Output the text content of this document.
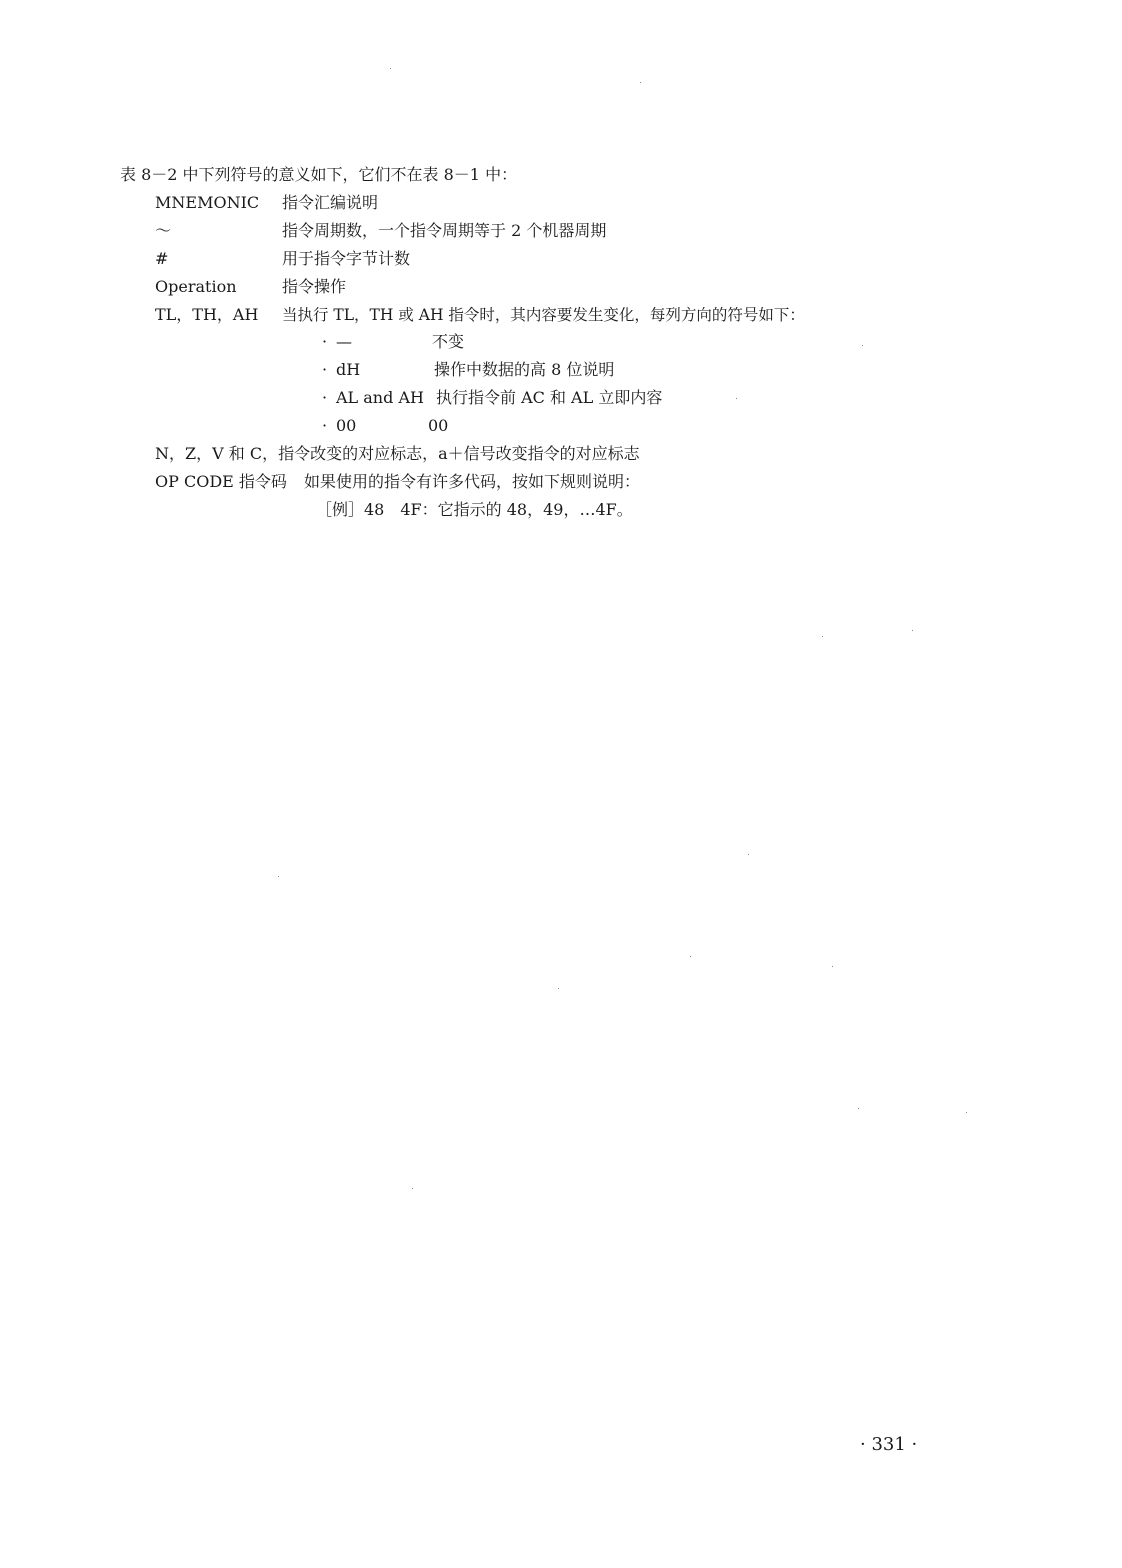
表 8－2 中下列符号的意义如下，它们不在表 8－1 中：
MNEMONIC 指令汇编说明
～	指令周期数，一个指令周期等于 2 个机器周期
#	用于指令字节计数
Operation	指令操作
TL，TH，AH 当执行 TL，TH 或 AH 指令时，其内容要发生变化，每列方向的符号如下：
· —	不变
· dH	操作中数据的高 8 位说明
· AL and AH 执行指令前 AC 和 AL 立即内容
· 00	00
N，Z，V 和 C，指令改变的对应标志，a＋信号改变指令的对应标志
OP CODE 指令码 如果使用的指令有许多代码，按如下规则说明：
［例］48　4F：它指示的 48，49，…4F。
· 331 ·
